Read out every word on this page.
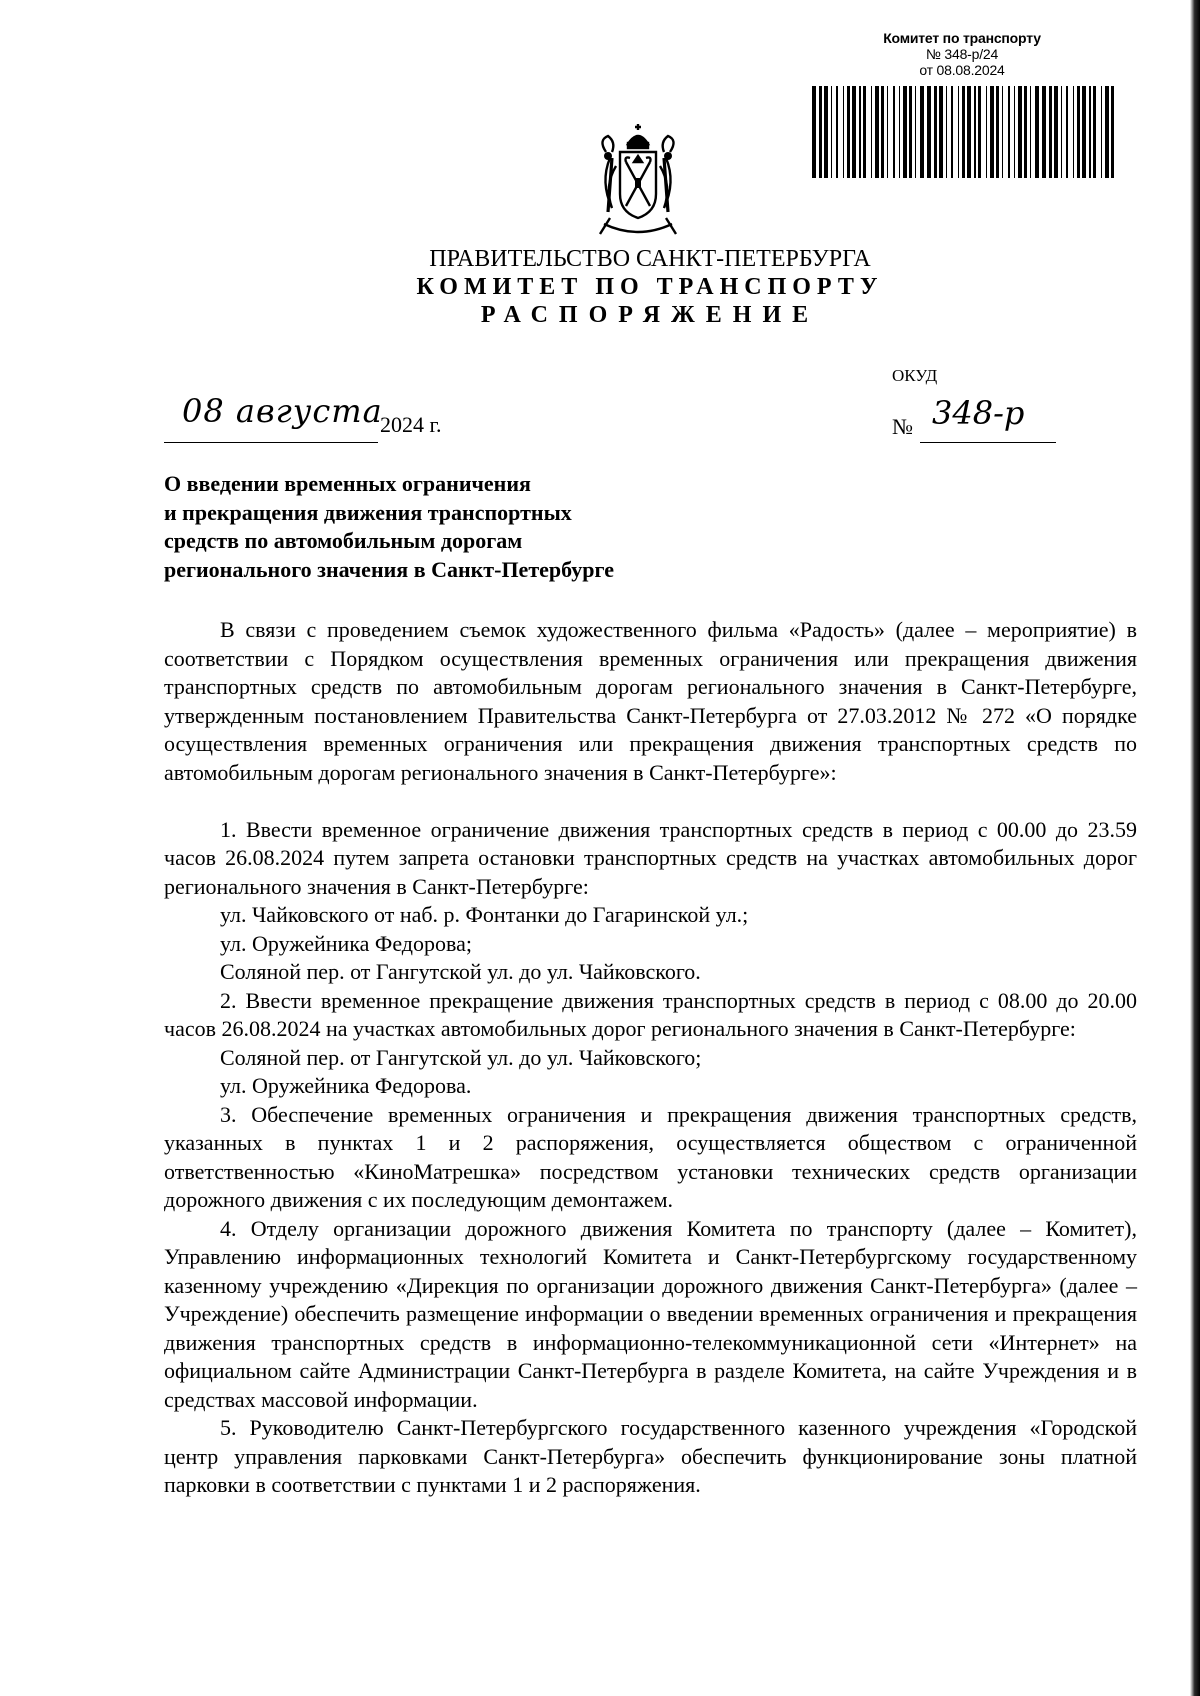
Комитет по транспорту
№ 348-р/24
от 08.08.2024
ПРАВИТЕЛЬСТВО САНКТ-ПЕТЕРБУРГА
КОМИТЕТ ПО ТРАНСПОРТУ
РАСПОРЯЖЕНИЕ
ОКУД
08 августа
2024 г.	№ 348-р
О введении временных ограничения
и прекращения движения транспортных
средств по автомобильным дорогам
регионального значения в Санкт-Петербурге

В связи с проведением съемок художественного фильма «Радость» (далее – мероприятие) в соответствии с Порядком осуществления временных ограничения или прекращения движения транспортных средств по автомобильным дорогам регионального значения в Санкт-Петербурге, утвержденным постановлением Правительства Санкт-Петербурга от 27.03.2012 № 272 «О порядке осуществления временных ограничения или прекращения движения транспортных средств по автомобильным дорогам регионального значения в Санкт-Петербурге»:

1. Ввести временное ограничение движения транспортных средств в период с 00.00 до 23.59 часов 26.08.2024 путем запрета остановки транспортных средств на участках автомобильных дорог регионального значения в Санкт-Петербурге:

ул. Чайковского от наб. р. Фонтанки до Гагаринской ул.;

ул. Оружейника Федорова;

Соляной пер. от Гангутской ул. до ул. Чайковского.

2. Ввести временное прекращение движения транспортных средств в период с 08.00 до 20.00 часов 26.08.2024 на участках автомобильных дорог регионального значения в Санкт-Петербурге:

Соляной пер. от Гангутской ул. до ул. Чайковского;

ул. Оружейника Федорова.

3. Обеспечение временных ограничения и прекращения движения транспортных средств, указанных в пунктах 1 и 2 распоряжения, осуществляется обществом с ограниченной ответственностью «КиноМатрешка» посредством установки технических средств организации дорожного движения с их последующим демонтажем.

4. Отделу организации дорожного движения Комитета по транспорту (далее – Комитет), Управлению информационных технологий Комитета и Санкт-Петербургскому государственному казенному учреждению «Дирекция по организации дорожного движения Санкт-Петербурга» (далее – Учреждение) обеспечить размещение информации о введении временных ограничения и прекращения движения транспортных средств в информационно-телекоммуникационной сети «Интернет» на официальном сайте Администрации Санкт-Петербурга в разделе Комитета, на сайте Учреждения и в средствах массовой информации.

5. Руководителю Санкт-Петербургского государственного казенного учреждения «Городской центр управления парковками Санкт-Петербурга» обеспечить функционирование зоны платной парковки в соответствии с пунктами 1 и 2 распоряжения.
